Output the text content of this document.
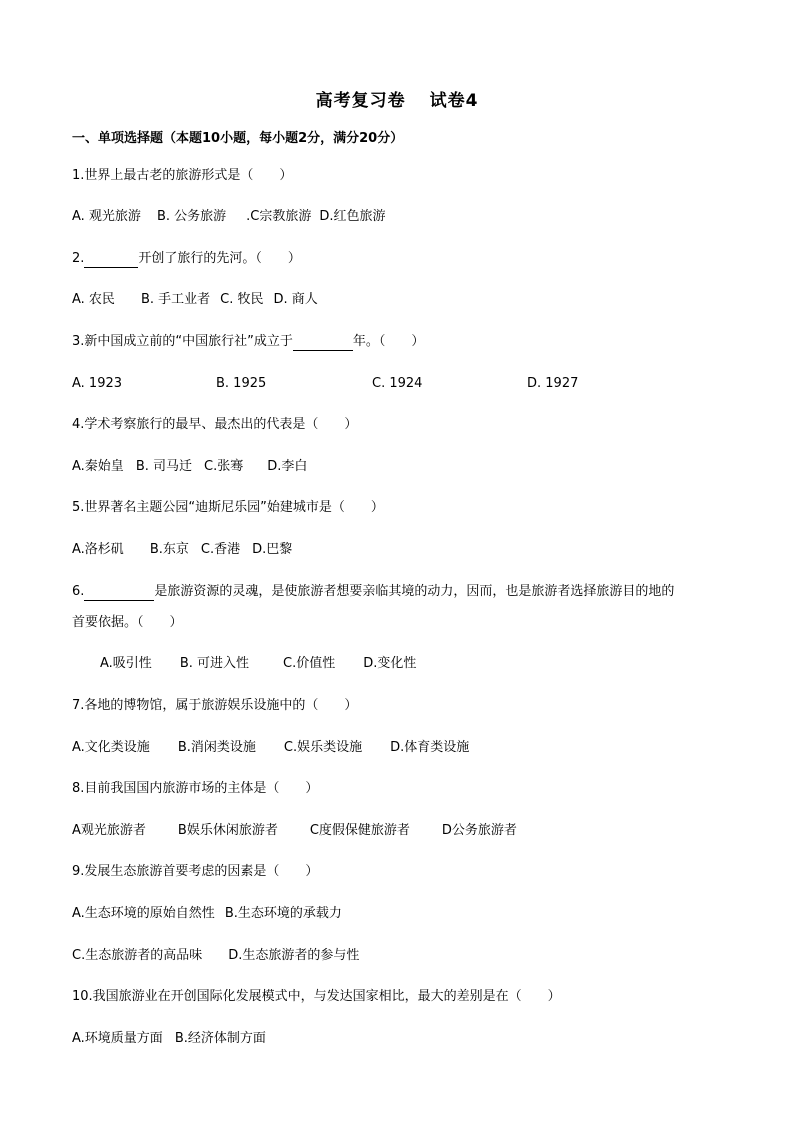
高考复习卷 试卷4
一、单项选择题（本题10小题，每小题2分，满分20分）
1.世界上最古老的旅游形式是（　　）
A. 观光旅游 B. 公务旅游 .C宗教旅游 D.红色旅游
2.	开创了旅行的先河。（　　）
A. 农民 B. 手工业者 C. 牧民 D. 商人
3.新中国成立前的“中国旅行社”成立于	年。（　　）
A. 1923	B. 1925	C. 1924	D. 1927
4.学术考察旅行的最早、最杰出的代表是（　　）
A.秦始皇 B. 司马迁 C.张骞 D.李白
5.世界著名主题公园“迪斯尼乐园”始建城市是（　　）
A.洛杉矶 B.东京 C.香港 D.巴黎
6.	是旅游资源的灵魂，是使旅游者想要亲临其境的动力，因而，也是旅游者选择旅游目的地的
首要依据。（　　）
A.吸引性 B. 可进入性	C.价值性 D.变化性
7.各地的博物馆，属于旅游娱乐设施中的（　　）
A.文化类设施 B.消闲类设施 C.娱乐类设施 D.体育类设施
8.目前我国国内旅游市场的主体是（　　）
A观光旅游者 B娱乐休闲旅游者 C度假保健旅游者 D公务旅游者
9.发展生态旅游首要考虑的因素是（　　）
A.生态环境的原始自然性 B.生态环境的承载力
C.生态旅游者的高品味 D.生态旅游者的参与性
10.我国旅游业在开创国际化发展模式中，与发达国家相比，最大的差别是在（　　）
A.环境质量方面 B.经济体制方面
